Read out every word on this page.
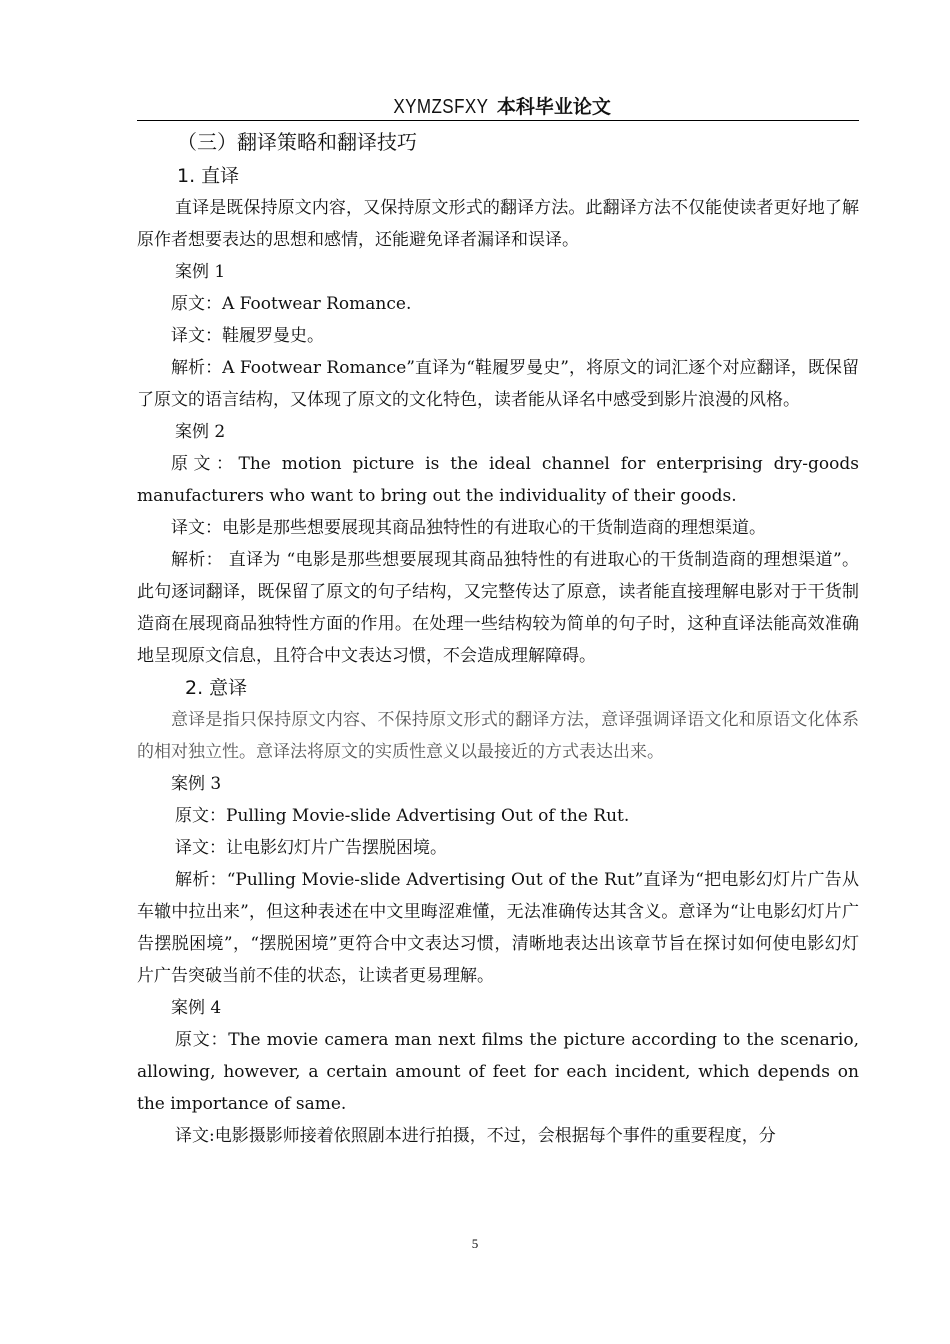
XYMZSFXY 本科毕业论文
（三）翻译策略和翻译技巧
1. 直译

直译是既保持原文内容，又保持原文形式的翻译方法。此翻译方法不仅能使读者更好地了解原作者想要表达的思想和感情，还能避免译者漏译和误译。

案例 1

原文：A Footwear Romance.

译文：鞋履罗曼史。

解析：A Footwear Romance”直译为“鞋履罗曼史”，将原文的词汇逐个对应翻译，既保留了原文的语言结构，又体现了原文的文化特色，读者能从译名中感受到影片浪漫的风格。

案例 2

原文：The motion picture is the ideal channel for enterprising dry-goods manufacturers who want to bring out the individuality of their goods.

译文：电影是那些想要展现其商品独特性的有进取心的干货制造商的理想渠道。

解析： 直译为 “电影是那些想要展现其商品独特性的有进取心的干货制造商的理想渠道”。此句逐词翻译，既保留了原文的句子结构，又完整传达了原意，读者能直接理解电影对于干货制造商在展现商品独特性方面的作用。在处理一些结构较为简单的句子时，这种直译法能高效准确地呈现原文信息，且符合中文表达习惯，不会造成理解障碍。

2. 意译

意译是指只保持原文内容、不保持原文形式的翻译方法，意译强调译语文化和原语文化体系的相对独立性。意译法将原文的实质性意义以最接近的方式表达出来。

案例 3

原文：Pulling Movie-slide Advertising Out of the Rut.

译文：让电影幻灯片广告摆脱困境。

解析：“Pulling Movie-slide Advertising Out of the Rut”直译为“把电影幻灯片广告从车辙中拉出来”，但这种表述在中文里晦涩难懂，无法准确传达其含义。意译为“让电影幻灯片广告摆脱困境”，“摆脱困境”更符合中文表达习惯，清晰地表达出该章节旨在探讨如何使电影幻灯片广告突破当前不佳的状态，让读者更易理解。

案例 4

原文：The movie camera man next films the picture according to the scenario, allowing, however, a certain amount of feet for each incident, which depends on the importance of same.

译文:电影摄影师接着依照剧本进行拍摄，不过，会根据每个事件的重要程度，分

5
